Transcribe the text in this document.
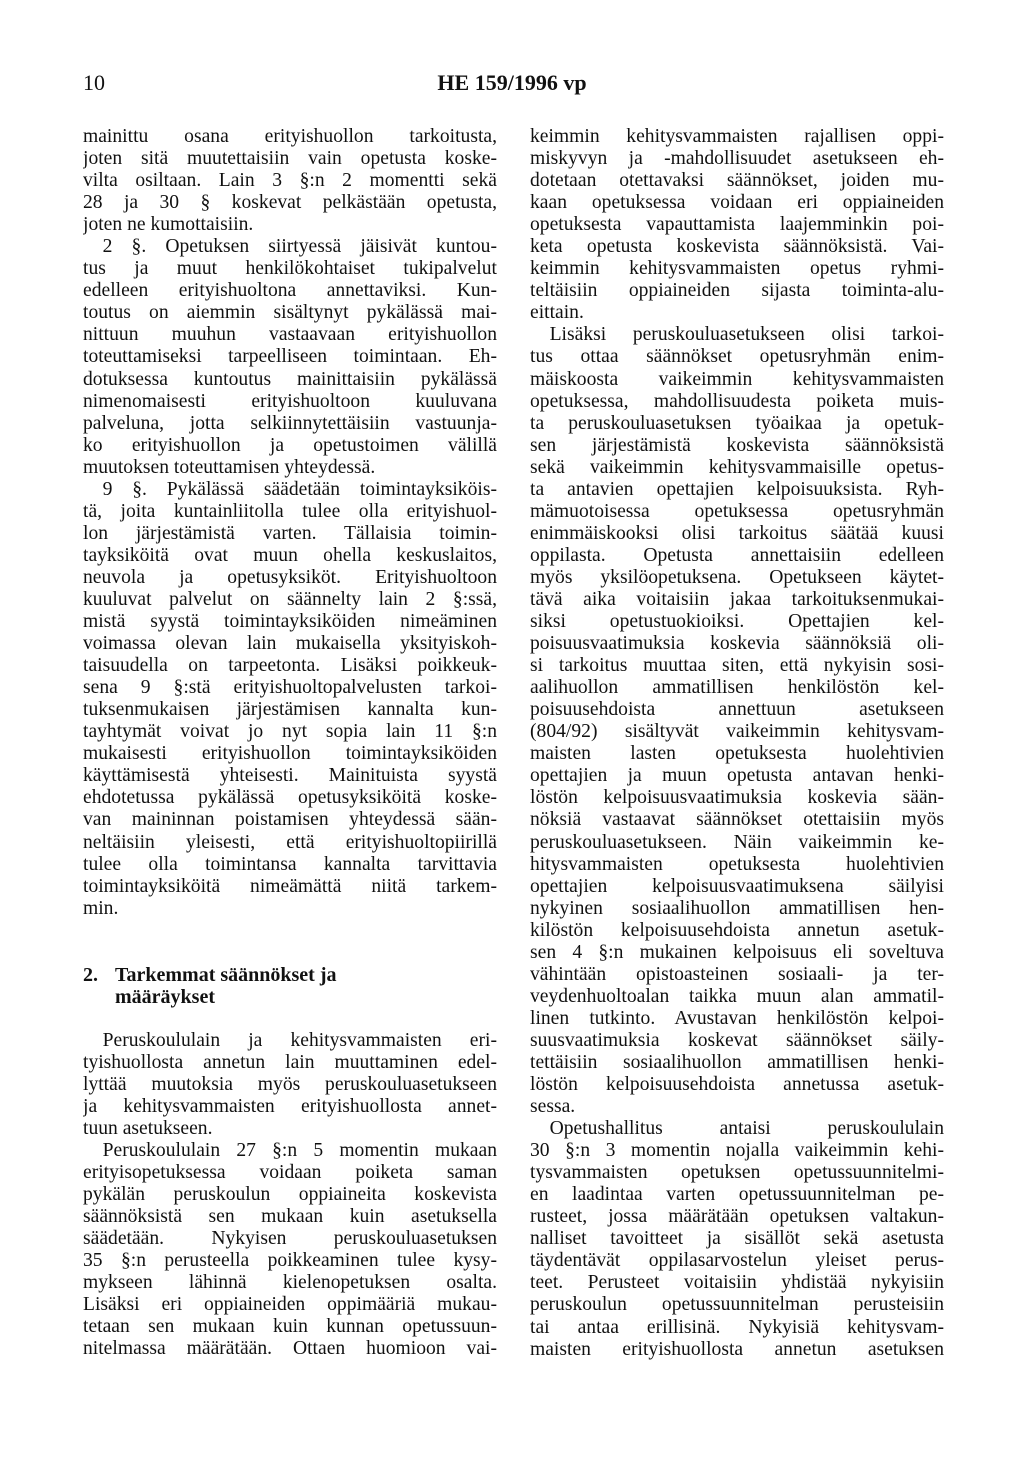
10	HE 159/1996 vp
mainittu osana erityishuollon tarkoitusta,
joten sitä muutettaisiin vain opetusta koske-
vilta osiltaan. Lain 3 §:n 2 momentti sekä
28 ja 30 § koskevat pelkästään opetusta,
joten ne kumottaisiin.
2 §. Opetuksen siirtyessä jäisivät kuntou-
tus ja muut henkilökohtaiset tukipalvelut
edelleen erityishuoltona annettaviksi. Kun-
toutus on aiemmin sisältynyt pykälässä mai-
nittuun muuhun vastaavaan erityishuollon
toteuttamiseksi tarpeelliseen toimintaan. Eh-
dotuksessa kuntoutus mainittaisiin pykälässä
nimenomaisesti erityishuoltoon kuuluvana
palveluna, jotta selkiinnytettäisiin vastuunja-
ko erityishuollon ja opetustoimen välillä
muutoksen toteuttamisen yhteydessä.
9 §. Pykälässä säädetään toimintayksiköis-
tä, joita kuntainliitolla tulee olla erityishuol-
lon järjestämistä varten. Tällaisia toimin-
tayksiköitä ovat muun ohella keskuslaitos,
neuvola ja opetusyksiköt. Erityishuoltoon
kuuluvat palvelut on säännelty lain 2 §:ssä,
mistä syystä toimintayksiköiden nimeäminen
voimassa olevan lain mukaisella yksityiskoh-
taisuudella on tarpeetonta. Lisäksi poikkeuk-
sena 9 §:stä erityishuoltopalvelusten tarkoi-
tuksenmukaisen järjestämisen kannalta kun-
tayhtymät voivat jo nyt sopia lain 11 §:n
mukaisesti erityishuollon toimintayksiköiden
käyttämisestä yhteisesti. Mainituista syystä
ehdotetussa pykälässä opetusyksiköitä koske-
van maininnan poistamisen yhteydessä sään-
neltäisiin yleisesti, että erityishuoltopiirillä
tulee olla toimintansa kannalta tarvittavia
toimintayksiköitä nimeämättä niitä tarkem-
min.
2. Tarkemmat säännökset ja
määräykset
Peruskoululain ja kehitysvammaisten eri-
tyishuollosta annetun lain muuttaminen edel-
lyttää muutoksia myös peruskouluasetukseen
ja kehitysvammaisten erityishuollosta annet-
tuun asetukseen.
Peruskoululain 27 §:n 5 momentin mukaan
erityisopetuksessa voidaan poiketa saman
pykälän peruskoulun oppiaineita koskevista
säännöksistä sen mukaan kuin asetuksella
säädetään. Nykyisen peruskouluasetuksen
35 §:n perusteella poikkeaminen tulee kysy-
mykseen lähinnä kielenopetuksen osalta.
Lisäksi eri oppiaineiden oppimääriä mukau-
tetaan sen mukaan kuin kunnan opetussuun-
nitelmassa määrätään. Ottaen huomioon vai-
keimmin kehitysvammaisten rajallisen oppi-
miskyvyn ja -mahdollisuudet asetukseen eh-
dotetaan otettavaksi säännökset, joiden mu-
kaan opetuksessa voidaan eri oppiaineiden
opetuksesta vapauttamista laajemminkin poi-
keta opetusta koskevista säännöksistä. Vai-
keimmin kehitysvammaisten opetus ryhmi-
teltäisiin oppiaineiden sijasta toiminta-alu-
eittain.
Lisäksi peruskouluasetukseen olisi tarkoi-
tus ottaa säännökset opetusryhmän enim-
mäiskoosta vaikeimmin kehitysvammaisten
opetuksessa, mahdollisuudesta poiketa muis-
ta peruskouluasetuksen työaikaa ja opetuk-
sen järjestämistä koskevista säännöksistä
sekä vaikeimmin kehitysvammaisille opetus-
ta antavien opettajien kelpoisuuksista. Ryh-
mämuotoisessa opetuksessa opetusryhmän
enimmäiskooksi olisi tarkoitus säätää kuusi
oppilasta. Opetusta annettaisiin edelleen
myös yksilöopetuksena. Opetukseen käytet-
tävä aika voitaisiin jakaa tarkoituksenmukai-
siksi opetustuokioiksi. Opettajien kel-
poisuusvaatimuksia koskevia säännöksiä oli-
si tarkoitus muuttaa siten, että nykyisin sosi-
aalihuollon ammatillisen henkilöstön kel-
poisuusehdoista annettuun asetukseen
(804/92) sisältyvät vaikeimmin kehitysvam-
maisten lasten opetuksesta huolehtivien
opettajien ja muun opetusta antavan henki-
löstön kelpoisuusvaatimuksia koskevia sään-
nöksiä vastaavat säännökset otettaisiin myös
peruskouluasetukseen. Näin vaikeimmin ke-
hitysvammaisten opetuksesta huolehtivien
opettajien kelpoisuusvaatimuksena säilyisi
nykyinen sosiaalihuollon ammatillisen hen-
kilöstön kelpoisuusehdoista annetun asetuk-
sen 4 §:n mukainen kelpoisuus eli soveltuva
vähintään opistoasteinen sosiaali- ja ter-
veydenhuoltoalan taikka muun alan ammatil-
linen tutkinto. Avustavan henkilöstön kelpoi-
suusvaatimuksia koskevat säännökset säily-
tettäisiin sosiaalihuollon ammatillisen henki-
löstön kelpoisuusehdoista annetussa asetuk-
sessa.
Opetushallitus antaisi peruskoululain
30 §:n 3 momentin nojalla vaikeimmin kehi-
tysvammaisten opetuksen opetussuunnitelmi-
en laadintaa varten opetussuunnitelman pe-
rusteet, jossa määrätään opetuksen valtakun-
nalliset tavoitteet ja sisällöt sekä asetusta
täydentävät oppilasarvostelun yleiset perus-
teet. Perusteet voitaisiin yhdistää nykyisiin
peruskoulun opetussuunnitelman perusteisiin
tai antaa erillisinä. Nykyisiä kehitysvam-
maisten erityishuollosta annetun asetuksen
